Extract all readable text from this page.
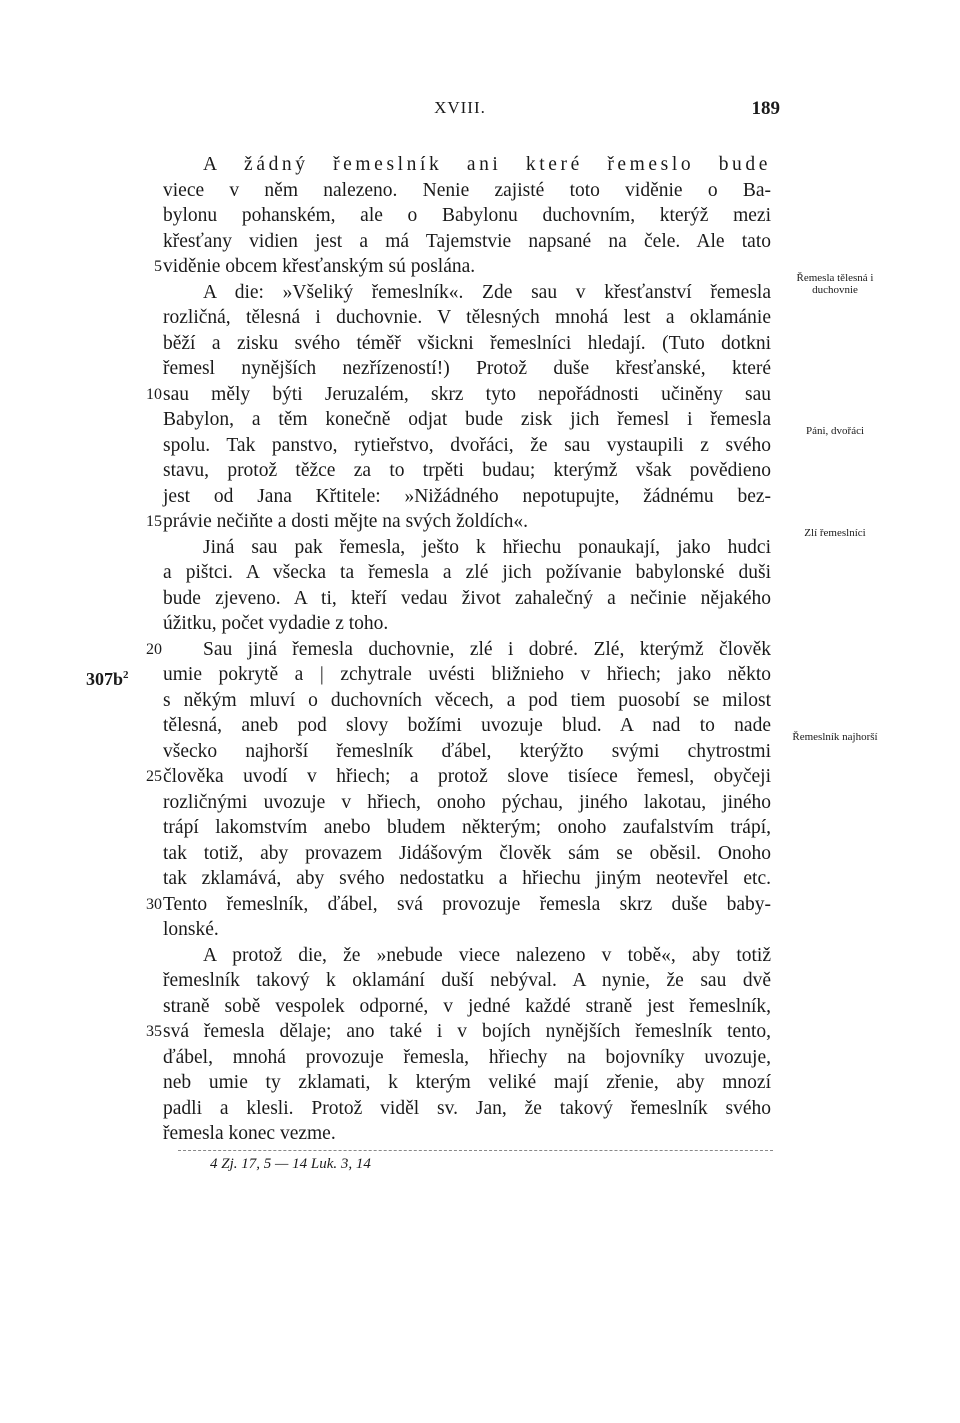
XVIII.	189
A žádný řemeslník ani které řemeslo bude
viece v něm nalezeno. Nenie zajisté toto viděnie o Ba-
bylonu pohanském, ale o Babylonu duchovním, kterýž mezi
křesťany vidien jest a má Tajemstvie napsané na čele. Ale tato
viděnie obcem křesťanským sú poslána.
5
A die: »Všeliký řemeslník«. Zde sau v křesťanství řemesla
rozličná, tělesná i duchovnie. V tělesných mnohá lest a oklamánie
běží a zisku svého téměř všickni řemeslníci hledají. (Tuto dotkni
řemesl nynějších nezřízeností!) Protož duše křesťanské, které
sau měly býti Jeruzalém, skrz tyto nepořádnosti učiněny sau
10
Babylon, a těm konečně odjat bude zisk jich řemesl i řemesla
spolu. Tak panstvo, rytieřstvo, dvořáci, že sau vystaupili z svého
stavu, protož těžce za to trpěti budau; kterýmž však povědieno
jest od Jana Křtitele: »Nižádného nepotupujte, žádnému bez-
právie nečiňte a dosti mějte na svých žoldích«.
15
Jiná sau pak řemesla, ješto k hřiechu ponaukají, jako hudci
a pištci. A všecka ta řemesla a zlé jich požívanie babylonské duši
bude zjeveno. A ti, kteří vedau život zahalečný a nečinie nějakého
úžitku, počet vydadie z toho.
Sau jiná řemesla duchovnie, zlé i dobré. Zlé, kterýmž člověk
20
umie pokrytě a | zchytrale uvésti bližnieho v hřiech; jako někto
$307b^2$
s někým mluví o duchovních věcech, a pod tiem puosobí se milost
tělesná, aneb pod slovy božími uvozuje blud. A nad to nade
všecko najhorší řemeslník ďábel, kterýžto svými chytrostmi
člověka uvodí v hřiech; a protož slove tisíece řemesl, obyčeji
25
rozličnými uvozuje v hřiech, onoho pýchau, jiného lakotau, jiného
trápí lakomstvím anebo bludem některým; onoho zaufalstvím trápí,
tak totiž, aby provazem Jidášovým člověk sám se oběsil. Onoho
tak zklamává, aby svého nedostatku a hřiechu jiným neotevřel etc.
Tento řemeslník, ďábel, svá provozuje řemesla skrz duše baby-
30
lonské.
A protož die, že »nebude viece nalezeno v tobě«, aby totiž
řemeslník takový k oklamání duší nebýval. A nynie, že sau dvě
straně sobě vespolek odporné, v jedné každé straně jest řemeslník,
svá řemesla dělaje; ano také i v bojích nynějších řemeslník tento,
35
ďábel, mnohá provozuje řemesla, hřiechy na bojovníky uvozuje,
neb umie ty zklamati, k kterým veliké mají zřenie, aby mnozí
padli a klesli. Protož viděl sv. Jan, že takový řemeslník svého
řemesla konec vezme.
Řemesla tělesná i duchovnie
Páni, dvořáci
Zlí řemeslníci
Řemeslník najhorší
4 Zj. 17, 5 — 14 Luk. 3, 14
